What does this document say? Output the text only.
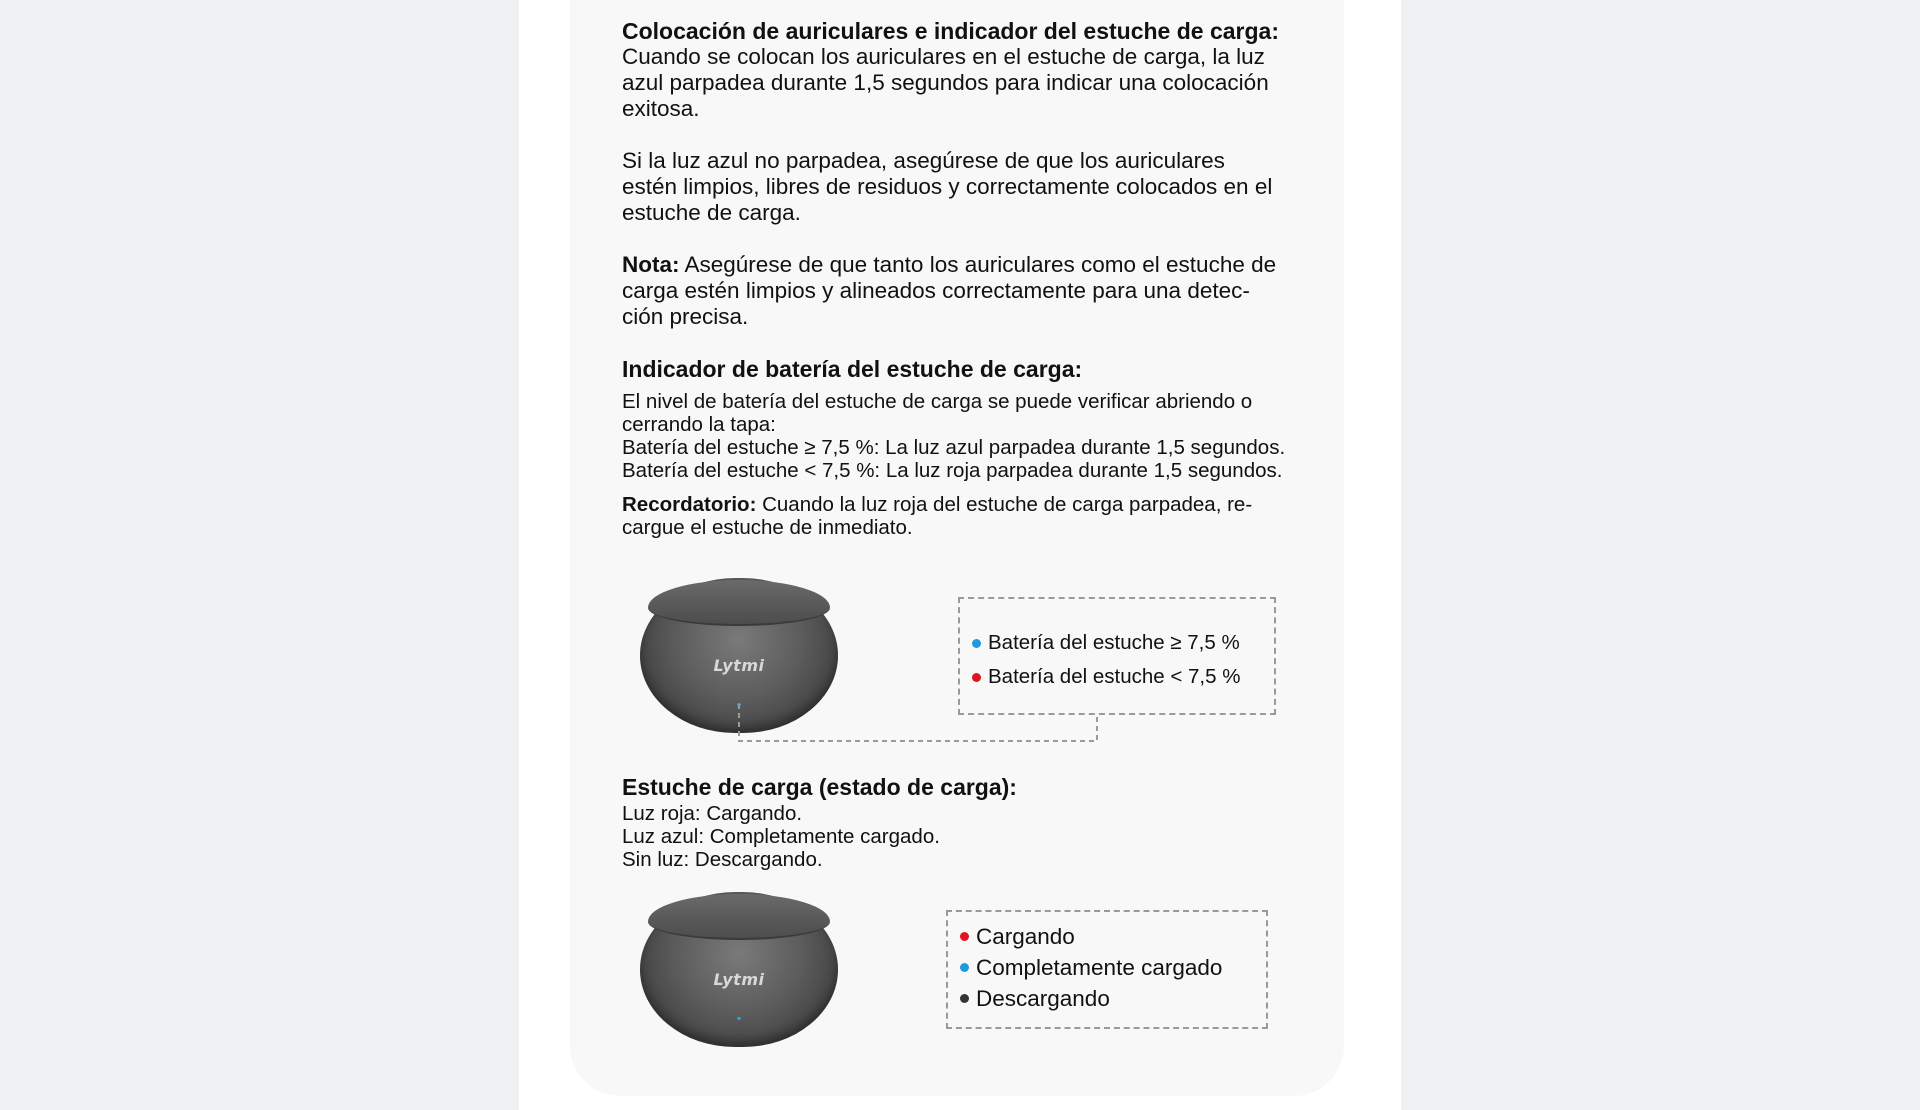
Colocación de auriculares e indicador del estuche de carga:

Cuando se colocan los auriculares en el estuche de carga, la luz

azul parpadea durante 1,5 segundos para indicar una colocación

exitosa.

Si la luz azul no parpadea, asegúrese de que los auriculares

estén limpios, libres de residuos y correctamente colocados en el

estuche de carga.

Nota: Asegúrese de que tanto los auriculares como el estuche de

carga estén limpios y alineados correctamente para una detec-

ción precisa.

Indicador de batería del estuche de carga:

El nivel de batería del estuche de carga se puede verificar abriendo o

cerrando la tapa:

Batería del estuche ≥ 7,5 %: La luz azul parpadea durante 1,5 segundos.

Batería del estuche < 7,5 %: La luz roja parpadea durante 1,5 segundos.

Recordatorio: Cuando la luz roja del estuche de carga parpadea, re-

cargue el estuche de inmediato.

Lytmi
Batería del estuche ≥ 7,5 %
Batería del estuche < 7,5 %

Estuche de carga (estado de carga):

Luz roja: Cargando.

Luz azul: Completamente cargado.

Sin luz: Descargando.

Lytmi
Cargando
Completamente cargado
Descargando
